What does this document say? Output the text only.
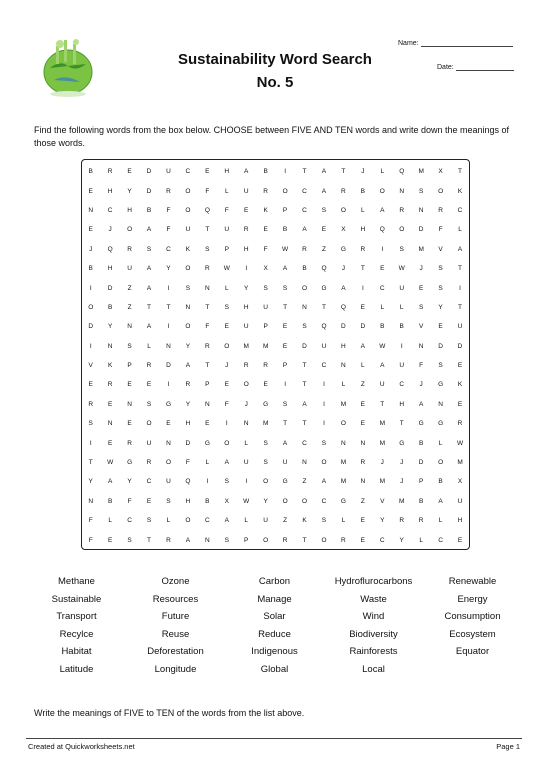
Sustainability Word Search
No. 5
Name:
Date:
Find the following words from the box below. CHOOSE between FIVE AND TEN words and write down the meanings of those words.
B	R	E	D	U	C	E	H	A	B	I	T	A	T	J	L	Q	M	X	T
E	H	Y	D	R	O	F	L	U	R	O	C	A	R	B	O	N	S	O	K
N	C	H	B	F	O	Q	F	E	K	P	C	S	O	L	A	R	N	R	C
E	J	O	A	F	U	T	U	R	E	B	A	E	X	H	Q	O	D	F	L
J	Q	R	S	C	K	S	P	H	F	W	R	Z	G	R	I	S	M	V	A
B	H	U	A	Y	O	R	W	I	X	A	B	Q	J	T	E	W	J	S	T
I	D	Z	A	I	S	N	L	Y	S	S	O	G	A	I	C	U	E	S	I
O	B	Z	T	T	N	T	S	H	U	T	N	T	Q	E	L	L	S	Y	T
D	Y	N	A	I	O	F	E	U	P	E	S	Q	D	D	B	B	V	E	U
I	N	S	L	N	Y	R	O	M	M	E	D	U	H	A	W	I	N	D	D
V	K	P	R	D	A	T	J	R	R	P	T	C	N	L	A	U	F	S	E
E	R	E	E	I	R	P	E	O	E	I	T	I	L	Z	U	C	J	G	K
R	E	N	S	G	Y	N	F	J	G	S	A	I	M	E	T	H	A	N	E
S	N	E	O	E	H	E	I	N	M	T	T	I	O	E	M	T	G	G	R
I	E	R	U	N	D	G	O	L	S	A	C	S	N	N	M	G	B	L	W
T	W	G	R	O	F	L	A	U	S	U	N	O	M	R	J	J	D	O	M
Y	A	Y	C	U	Q	I	S	I	O	G	Z	A	M	N	M	J	P	B	X
N	B	F	E	S	H	B	X	W	Y	O	O	C	G	Z	V	M	B	A	U
F	L	C	S	L	O	C	A	L	U	Z	K	S	L	E	Y	R	R	L	H
F	E	S	T	R	A	N	S	P	O	R	T	O	R	E	C	Y	L	C	E
Methane	Ozone	Carbon	Hydroflurocarbons	Renewable
Sustainable	Resources	Manage	Waste	Energy
Transport	Future	Solar	Wind	Consumption
Recylce	Reuse	Reduce	Biodiversity	Ecosystem
Habitat	Deforestation	Indigenous	Rainforests	Equator
Latitude	Longitude	Global	Local
Write the meanings of FIVE to TEN of the words from the list above.
Created at Quickworksheets.net	Page 1
